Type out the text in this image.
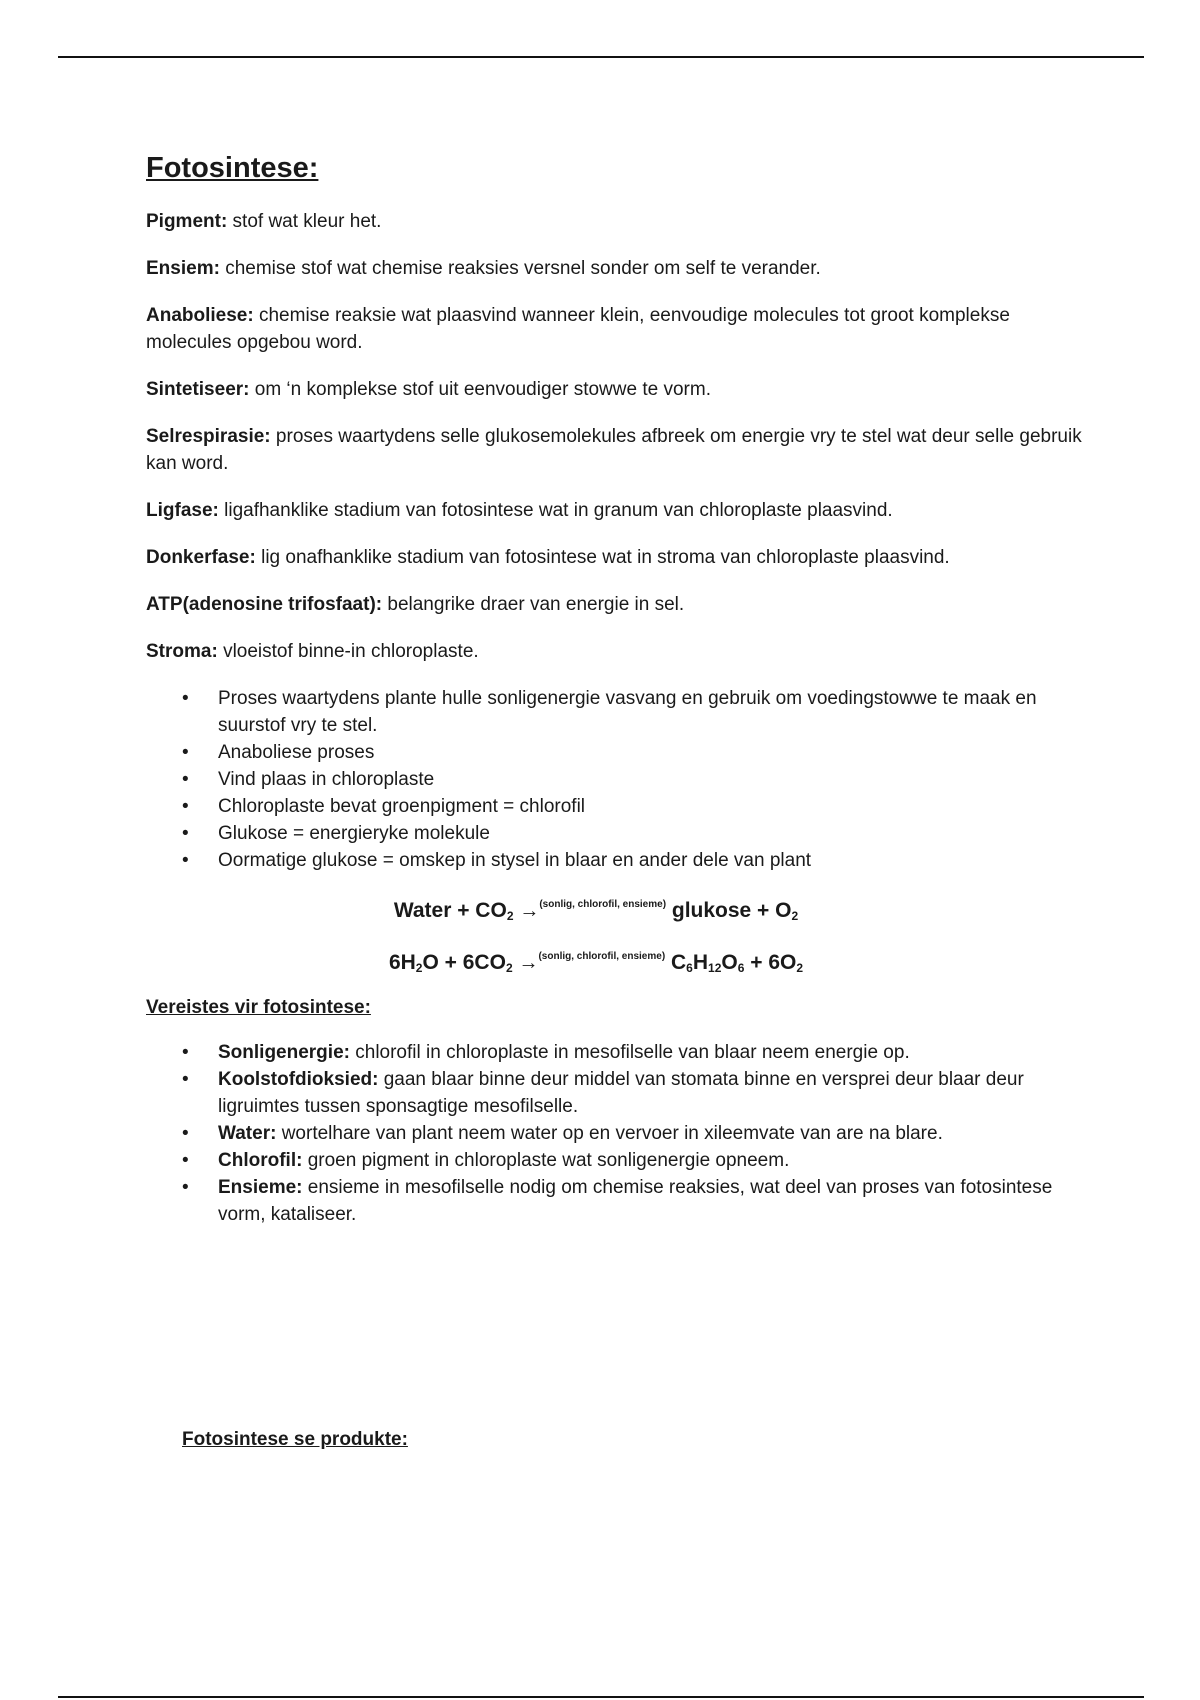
Fotosintese:

Pigment: stof wat kleur het.

Ensiem: chemise stof wat chemise reaksies versnel sonder om self te verander.

Anaboliese: chemise reaksie wat plaasvind wanneer klein, eenvoudige molecules tot groot komplekse molecules opgebou word.

Sintetiseer: om ‘n komplekse stof uit eenvoudiger stowwe te vorm.

Selrespirasie: proses waartydens selle glukosemolekules afbreek om energie vry te stel wat deur selle gebruik kan word.

Ligfase: ligafhanklike stadium van fotosintese wat in granum van chloroplaste plaasvind.

Donkerfase: lig onafhanklike stadium van fotosintese wat in stroma van chloroplaste plaasvind.

ATP(adenosine trifosfaat): belangrike draer van energie in sel.

Stroma: vloeistof binne-in chloroplaste.

• Proses waartydens plante hulle sonligenergie vasvang en gebruik om voedingstowwe te maak en suurstof vry te stel.
• Anaboliese proses
• Vind plaas in chloroplaste
• Chloroplaste bevat groenpigment = chlorofil
• Glukose = energieryke molekule
• Oormatige glukose = omskep in stysel in blaar en ander dele van plant
Water + $CO_2 \to^{(sonlig, chlorofil, ensieme)}$ glukose + $O_2$
$6H_2O + 6CO_2 \to^{(sonlig, chlorofil, ensieme)}$ $C_6H_{12}O_6 + 6O_2$
Vereistes vir fotosintese:
• Sonligenergie: chlorofil in chloroplaste in mesofilselle van blaar neem energie op.
• Koolstofdioksied: gaan blaar binne deur middel van stomata binne en versprei deur blaar deur ligruimtes tussen sponsagtige mesofilselle.
• Water: wortelhare van plant neem water op en vervoer in xileemvate van are na blare.
• Chlorofil: groen pigment in chloroplaste wat sonligenergie opneem.
• Ensieme: ensieme in mesofilselle nodig om chemise reaksies, wat deel van proses van fotosintese vorm, kataliseer.
Fotosintese se produkte:
